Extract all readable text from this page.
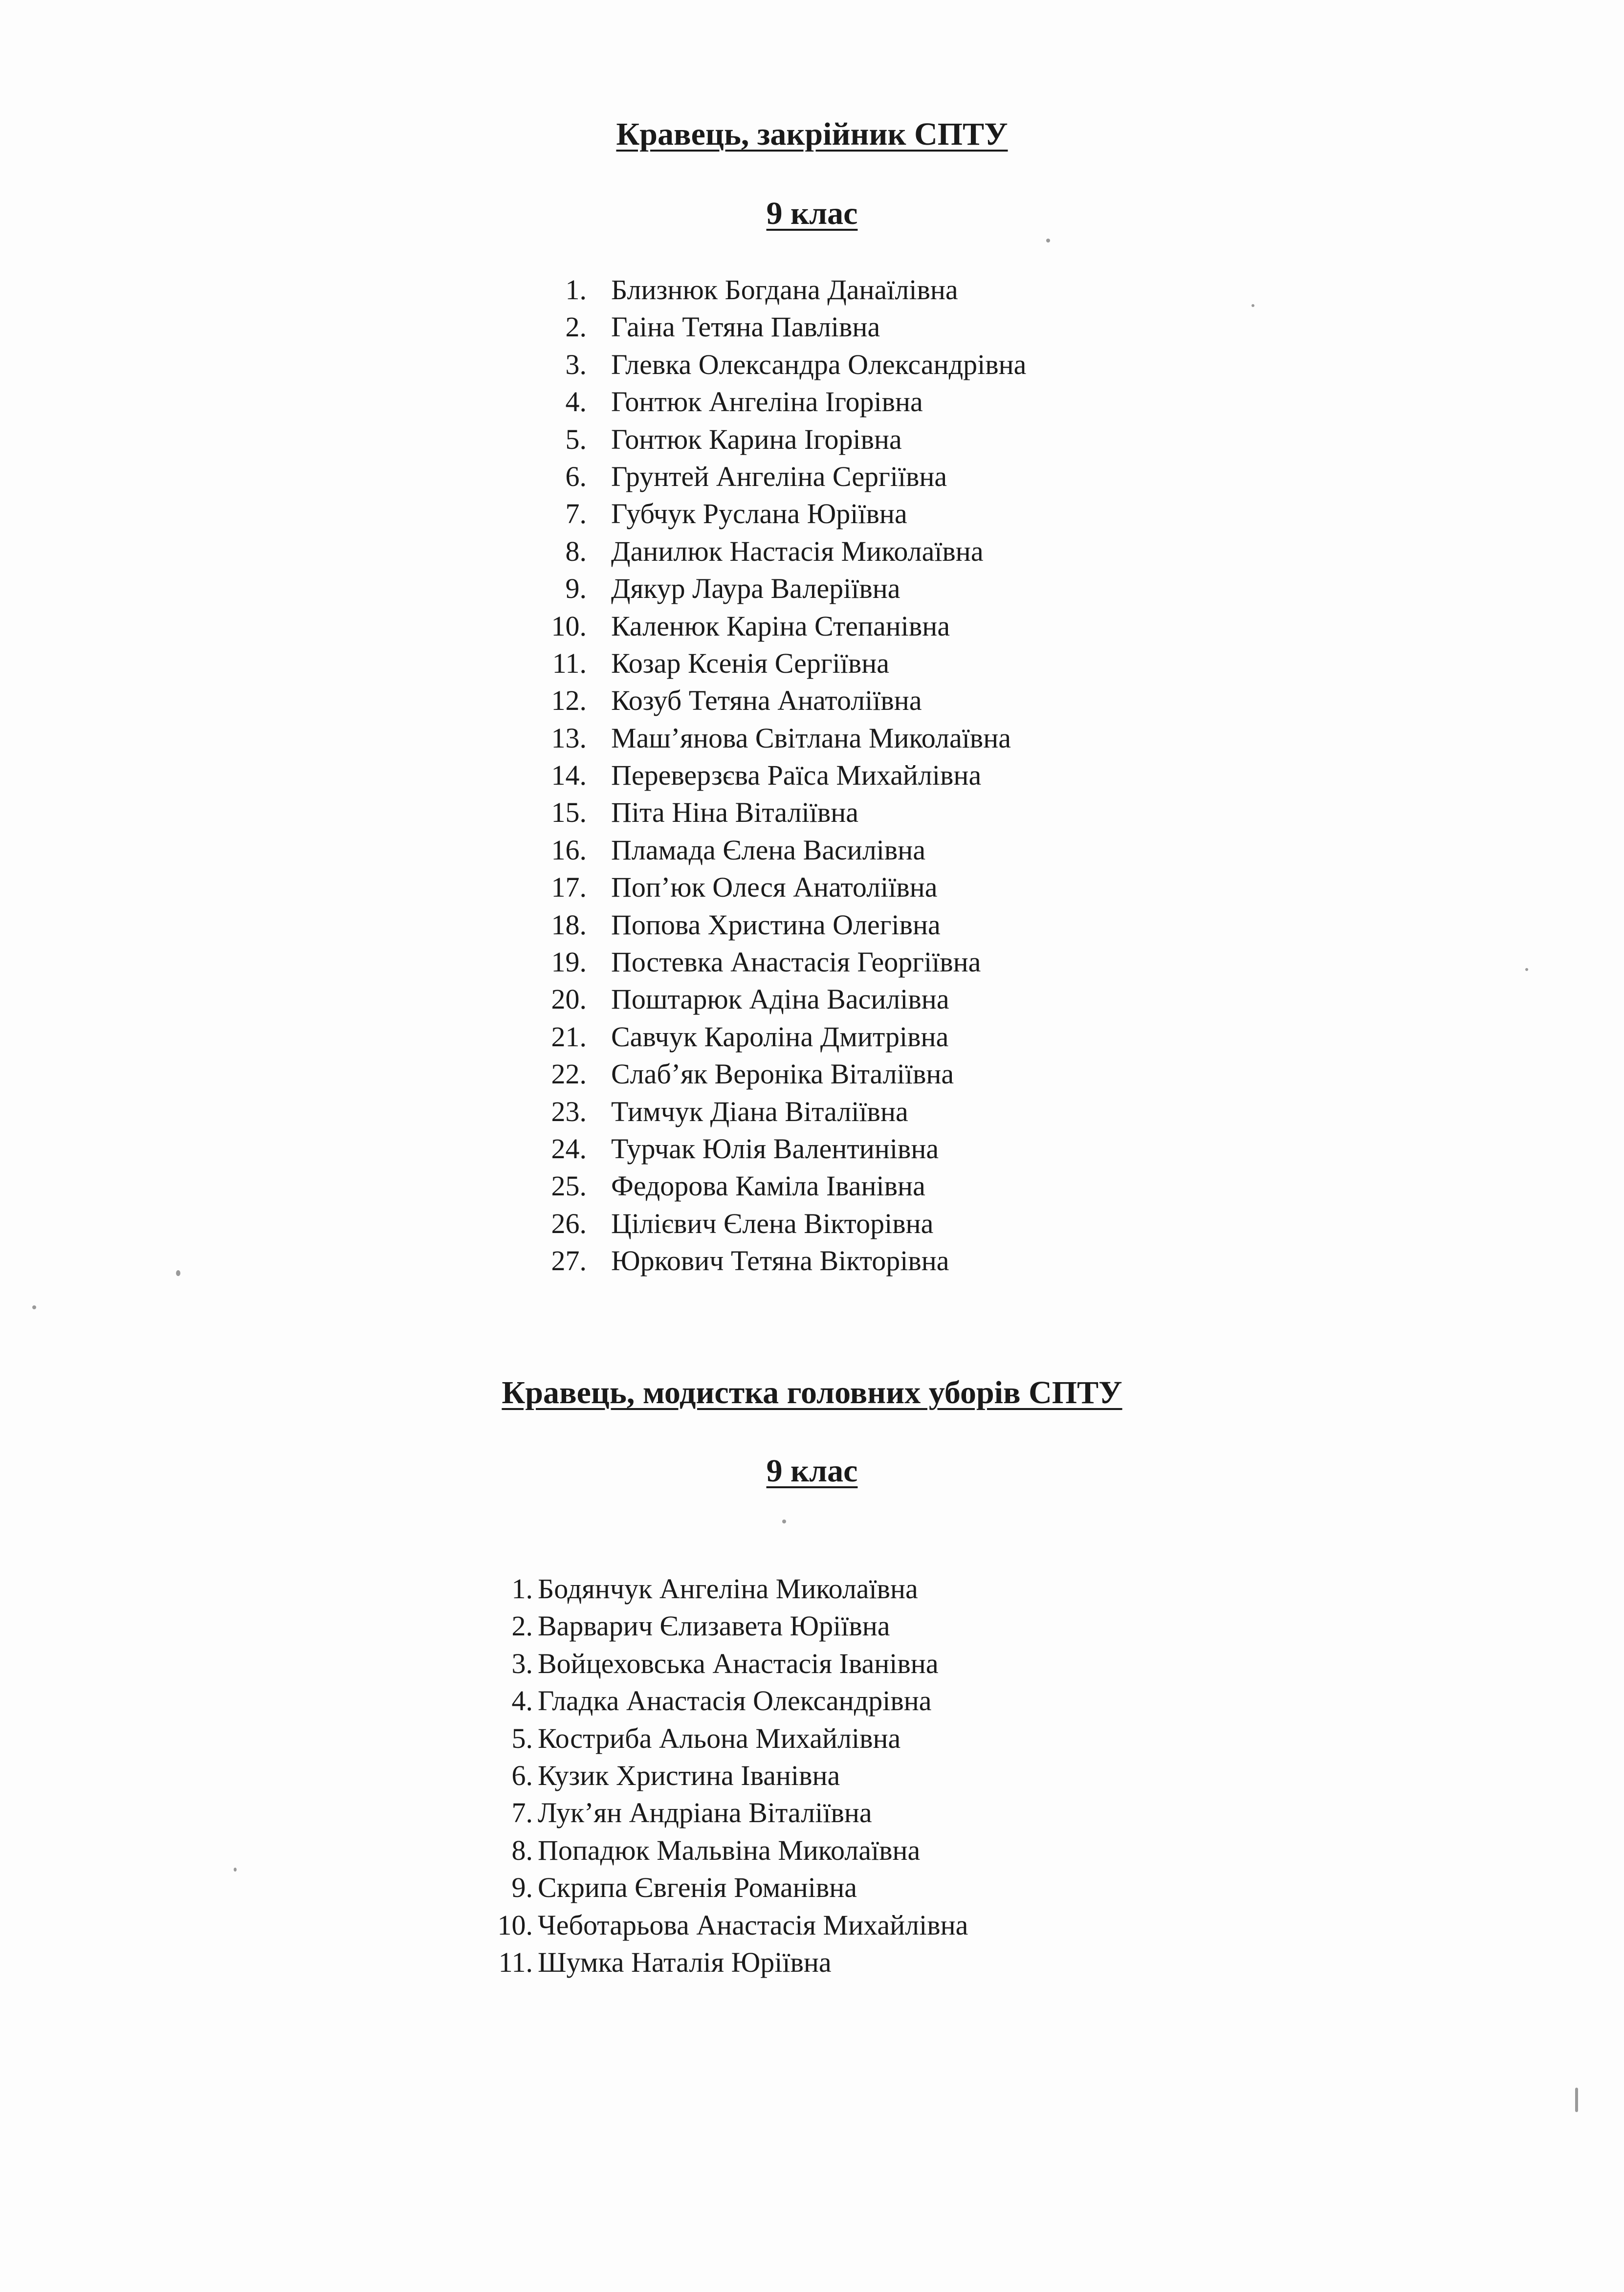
Кравець, закрійник СПТУ
9 клас
1. Близнюк Богдана Данаїлівна
2. Гаіна Тетяна Павлівна
3. Глевка Олександра Олександрівна
4. Гонтюк Ангеліна Ігорівна
5. Гонтюк Карина Ігорівна
6. Грунтей Ангеліна Сергіївна
7. Губчук Руслана Юріївна
8. Данилюк Настасія Миколаївна
9. Дякур Лаура Валеріївна
10. Каленюк Каріна Степанівна
11. Козар Ксенія Сергіївна
12. Козуб Тетяна Анатоліївна
13. Маш’янова Світлана Миколаївна
14. Переверзєва Раїса Михайлівна
15. Піта Ніна Віталіївна
16. Пламада Єлена Василівна
17. Поп’юк Олеся Анатоліївна
18. Попова Христина Олегівна
19. Постевка Анастасія Георгіївна
20. Поштарюк Адіна Василівна
21. Савчук Кароліна Дмитрівна
22. Слаб’як Вероніка Віталіївна
23. Тимчук Діана Віталіївна
24. Турчак Юлія Валентинівна
25. Федорова Каміла Іванівна
26. Цілієвич Єлена Вікторівна
27. Юркович Тетяна Вікторівна
Кравець, модистка головних уборів СПТУ
9 клас
1. Бодянчук Ангеліна Миколаївна
2. Варварич Єлизавета Юріївна
3. Войцеховська Анастасія Іванівна
4. Гладка Анастасія Олександрівна
5. Кострибa Альона Михайлівна
6. Кузик Христина Іванівна
7. Лук’ян Андріана Віталіївна
8. Попадюк Мальвіна Миколаївна
9. Скрипа Євгенія Романівна
10. Чеботарьова Анастасія Михайлівна
11. Шумка Наталія Юріївна
